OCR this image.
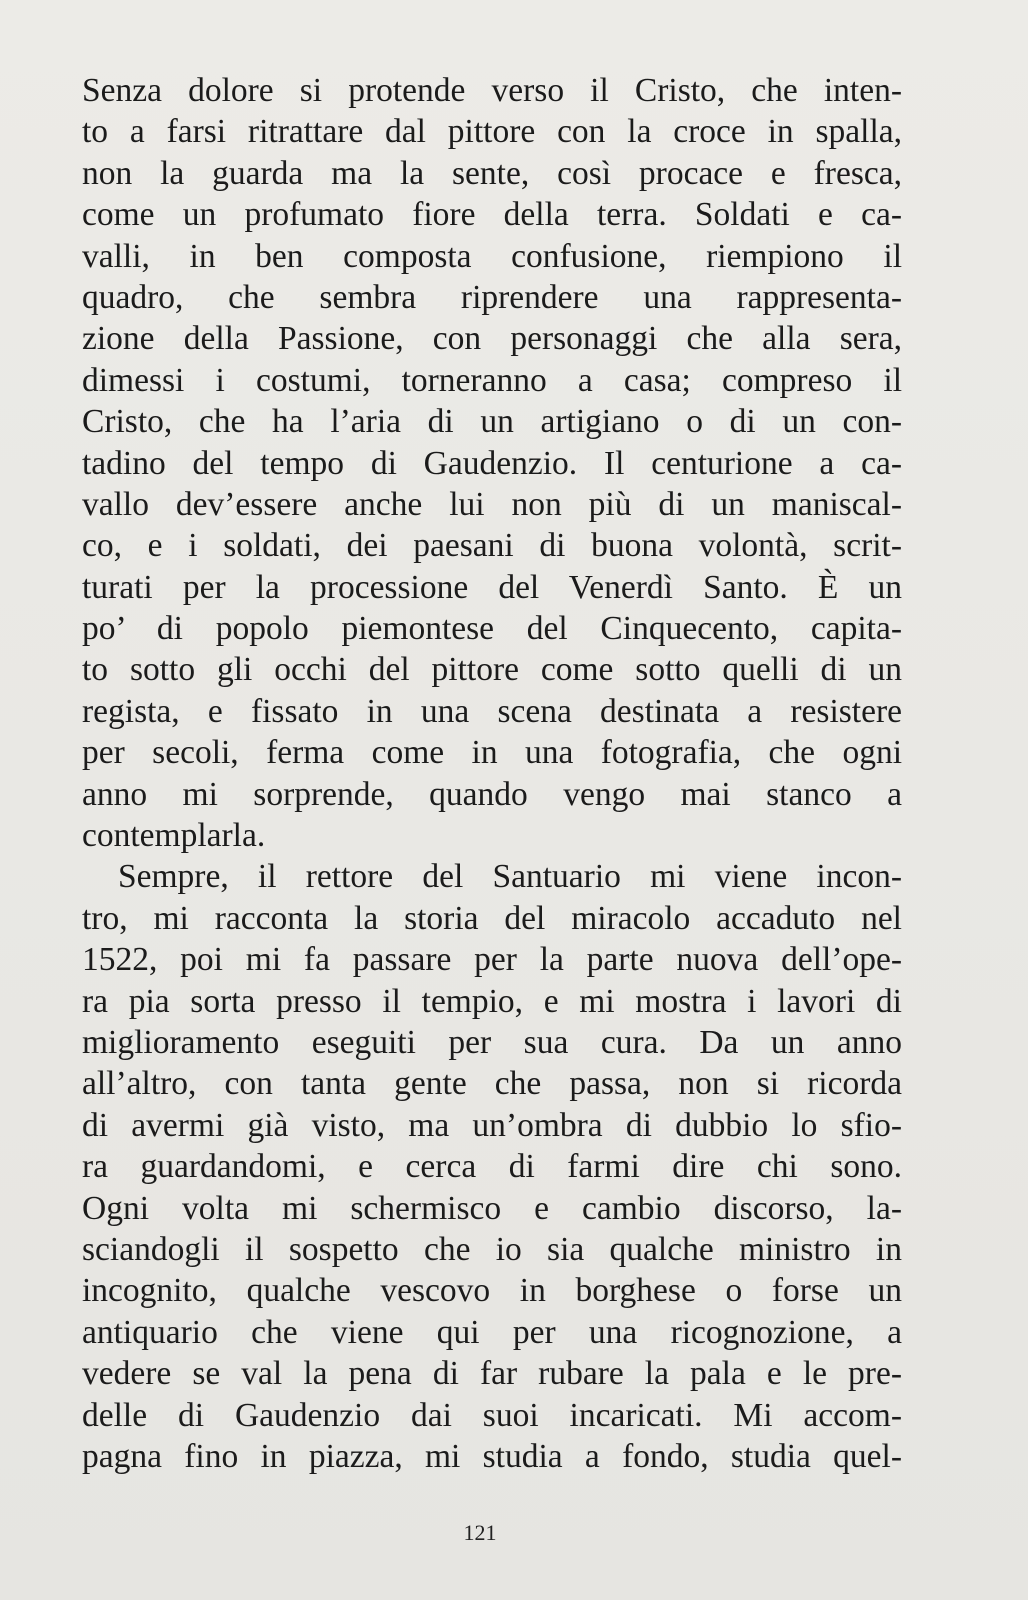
Senza dolore si protende verso il Cristo, che inten-
to a farsi ritrattare dal pittore con la croce in spalla,
non la guarda ma la sente, così procace e fresca,
come un profumato fiore della terra. Soldati e ca-
valli, in ben composta confusione, riempiono il
quadro, che sembra riprendere una rappresenta-
zione della Passione, con personaggi che alla sera,
dimessi i costumi, torneranno a casa; compreso il
Cristo, che ha l’aria di un artigiano o di un con-
tadino del tempo di Gaudenzio. Il centurione a ca-
vallo dev’essere anche lui non più di un maniscal-
co, e i soldati, dei paesani di buona volontà, scrit-
turati per la processione del Venerdì Santo. È un
po’ di popolo piemontese del Cinquecento, capita-
to sotto gli occhi del pittore come sotto quelli di un
regista, e fissato in una scena destinata a resistere
per secoli, ferma come in una fotografia, che ogni
anno mi sorprende, quando vengo mai stanco a
contemplarla.
Sempre, il rettore del Santuario mi viene incon-
tro, mi racconta la storia del miracolo accaduto nel
1522, poi mi fa passare per la parte nuova dell’ope-
ra pia sorta presso il tempio, e mi mostra i lavori di
miglioramento eseguiti per sua cura. Da un anno
all’altro, con tanta gente che passa, non si ricorda
di avermi già visto, ma un’ombra di dubbio lo sfio-
ra guardandomi, e cerca di farmi dire chi sono.
Ogni volta mi schermisco e cambio discorso, la-
sciandogli il sospetto che io sia qualche ministro in
incognito, qualche vescovo in borghese o forse un
antiquario che viene qui per una ricognozione, a
vedere se val la pena di far rubare la pala e le pre-
delle di Gaudenzio dai suoi incaricati. Mi accom-
pagna fino in piazza, mi studia a fondo, studia quel-
121
